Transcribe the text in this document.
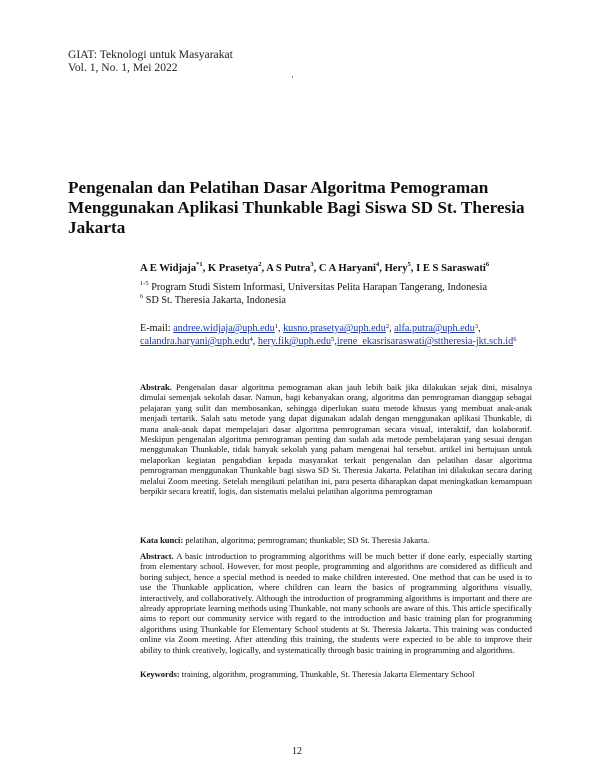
GIAT: Teknologi untuk Masyarakat
Vol. 1, No. 1, Mei 2022
Pengenalan dan Pelatihan Dasar Algoritma Pemograman Menggunakan Aplikasi Thunkable Bagi Siswa SD St. Theresia Jakarta
A E Widjaja$^{*1}$, K Prasetya$^2$, A S Putra$^3$, C A Haryani$^4$, Hery$^5$, I E S Saraswati$^6$
$^{1-5}$ Program Studi Sistem Informasi, Universitas Pelita Harapan Tangerang, Indonesia
$^6$ SD St. Theresia Jakarta, Indonesia
E-mail: andree.widjaja@uph.edu$^1$, kusno.prasetya@uph.edu$^2$, alfa.putra@uph.edu$^3$, calandra.haryani@uph.edu$^4$, $hery.fik@uph.edu^5,irene\_ekasrisaraswati@sttheresia-jkt.sch.id^6$
Abstrak. Pengenalan dasar algoritma pemograman akan jauh lebih baik jika dilakukan sejak dini, misalnya dimulai semenjak sekolah dasar. Namun, bagi kebanyakan orang, algoritma dan pemrograman dianggap sebagai pelajaran yang sulit dan membosankan, sehingga diperlukan suatu metode khusus yang membuat anak-anak menjadi tertarik. Salah satu metode yang dapat digunakan adalah dengan menggunakan aplikasi Thunkable, di mana anak-anak dapat mempelajari dasar algoritma pemrograman secara visual, interaktif, dan kolaboratif. Meskipun pengenalan algoritma pemrograman penting dan sudah ada metode pembelajaran yang sesuai dengan menggunakan Thunkable, tidak banyak sekolah yang paham mengenai hal tersebut. artikel ini bertujuan untuk melaporkan kegiatan pengabdian kepada masyarakat terkait pengenalan dan pelatihan dasar algoritma pemrograman menggunakan Thunkable bagi siswa SD St. Theresia Jakarta. Pelatihan ini dilakukan secara daring melalui Zoom meeting. Setelah mengikuti pelatihan ini, para peserta diharapkan dapat meningkatkan kemampuan berpikir secara kreatif, logis, dan sistematis melalui pelatihan algoritma pemrograman
Kata kunci: pelatihan, algoritma; pemrograman; thunkable; SD St. Theresia Jakarta.
Abstract. A basic introduction to programming algorithms will be much better if done early, especially starting from elementary school. However, for most people, programming and algorithms are considered as difficult and boring subject, hence a special method is needed to make children interested. One method that can be used is to use the Thunkable application, where children can learn the basics of programming algorithms visually, interactively, and collaboratively. Although the introduction of programming algorithms is important and there are already appropriate learning methods using Thunkable, not many schools are aware of this. This article specifically aims to report our community service with regard to the introduction and basic training plan for programming algorithms using Thunkable for Elementary School students at St. Theresia Jakarta. This training was conducted online via Zoom meeting. After attending this training, the students were expected to be able to improve their ability to think creatively, logically, and systematically through basic training in programming and algorithms.
Keywords: training, algorithm, programming, Thunkable, St. Theresia Jakarta Elementary School
12
